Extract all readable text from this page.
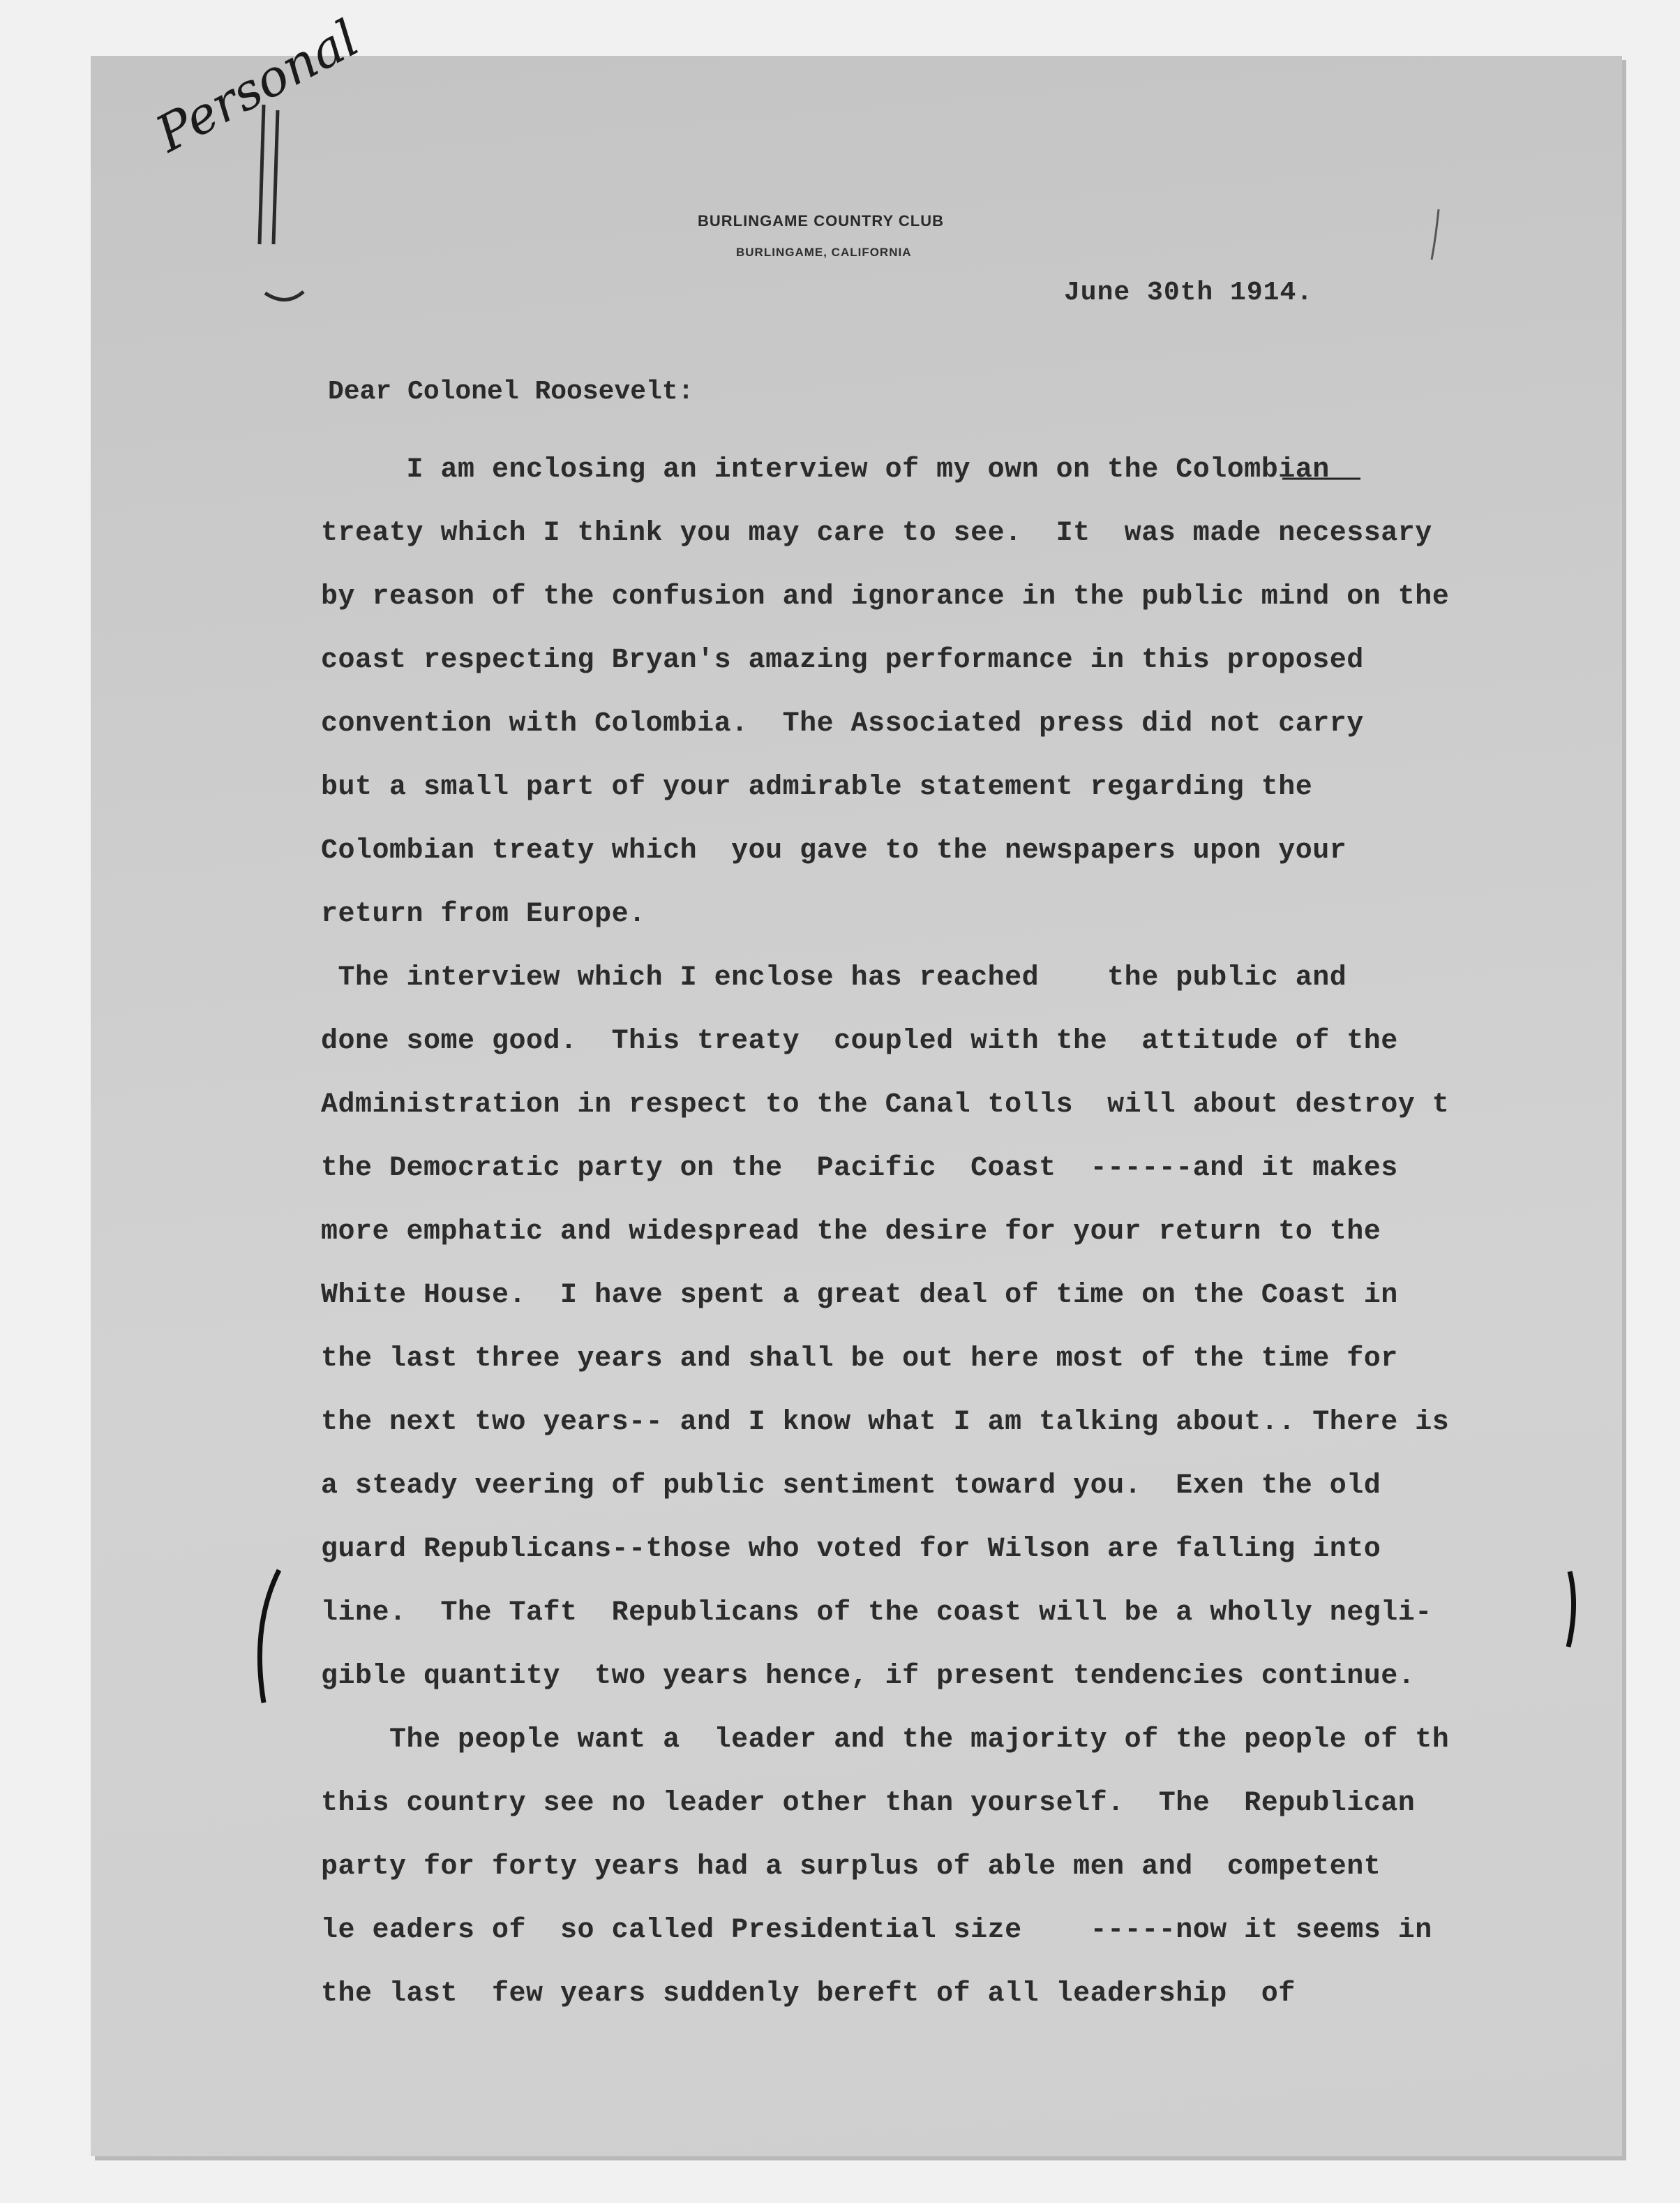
Personal
BURLINGAME COUNTRY CLUB
BURLINGAME, CALIFORNIA
June 30th 1914.
Dear ​Colonel Roosevelt:
I am enclosing an interview of my own on the Colombian
treaty which I think you may care to see.  It  was made necessary
by reason of the confusion and ignorance in the public mind on the
coast respecting Bryan's amazing performance in this proposed
convention with Colombia.  The Associated press did not carry
but a small part of your admirable statement regarding the
Colombian treaty which  you gave to the newspapers upon your
return from Europe.
The interview which I enclose has reached    the public and
done some good.  This treaty  coupled with the  attitude of the
Administration in respect to the Canal tolls  will about destroy t
the Democratic party on the  Pacific  Coast  ------and it makes
more emphatic and widespread the desire for your return to the
White House.  I have spent a great deal of time on the Coast in
the last three years and shall be out here most of the time for
the next two years-- and I know what I am talking about.. There is
a steady veering of public sentiment toward you.  Exen the old
guard Republicans--those who voted for Wilson are falling into
line.  The Taft  Republicans of the coast will be a wholly negli-
gible quantity  two years hence, if present tendencies continue.
The people want a  leader and the majority of the people of th
this country see no leader other than yourself.  The  Republican
party for forty years had a surplus of able men and  competent
le eaders of  so called Presidential size    -----now it seems in
the last  few years suddenly bereft of all leadership  of
